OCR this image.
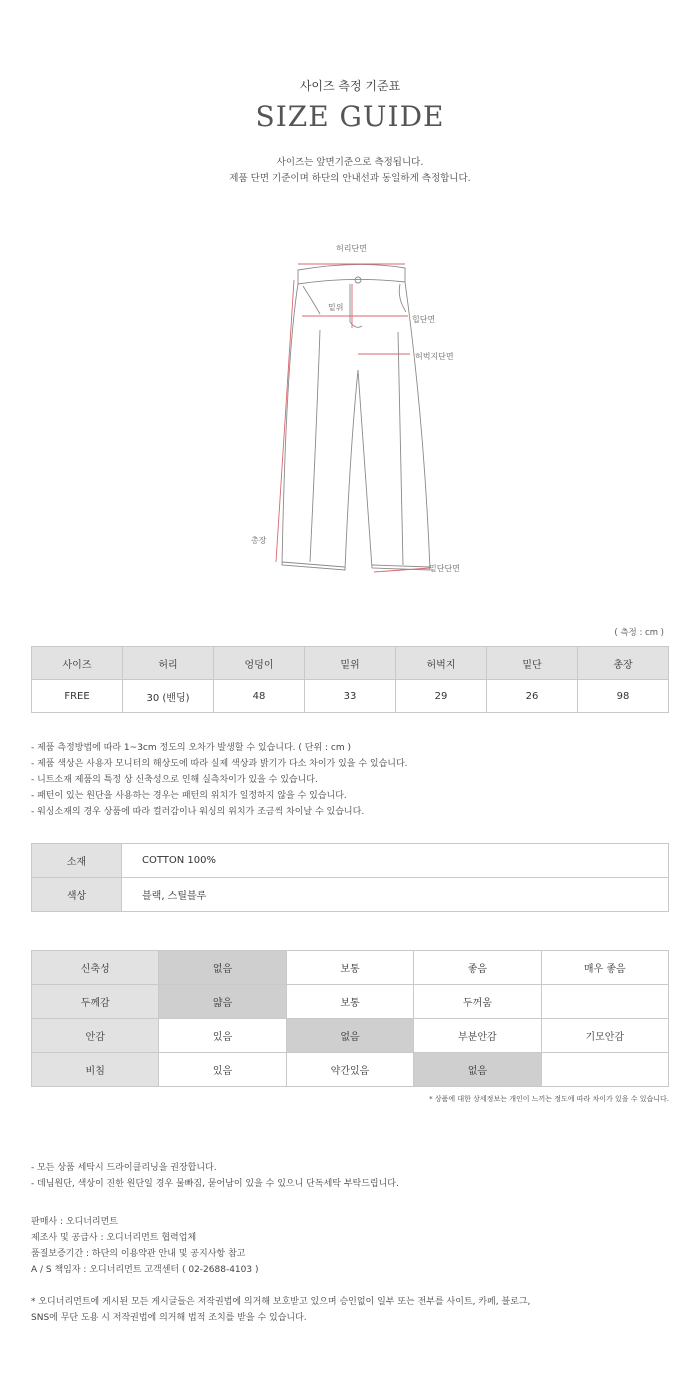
사이즈 측정 기준표
SIZE GUIDE
사이즈는 앞면기준으로 측정됩니다.
제품 단면 기준이며 하단의 안내선과 동일하게 측정합니다.
허리단면
밑위
힙단면
허벅지단면
총장
밑단단면
( 측정 : cm )
사이즈	허리	엉덩이	밑위	허벅지	밑단	총장
FREE	30 (밴딩)	48	33	29	26	98
- 제품 측정방법에 따라 1~3cm 정도의 오차가 발생할 수 있습니다. ( 단위 : cm )
- 제품 색상은 사용자 모니터의 해상도에 따라 실제 색상과 밝기가 다소 차이가 있을 수 있습니다.
- 니트소재 제품의 특정 상 신축성으로 인해 실측차이가 있을 수 있습니다.
- 패턴이 있는 원단을 사용하는 경우는 패턴의 위치가 일정하지 않을 수 있습니다.
- 워싱소재의 경우 상품에 따라 컬러감이나 워싱의 위치가 조금씩 차이날 수 있습니다.
소재	COTTON 100%
색상	블랙, 스틸블루
신축성	없음	보통	좋음	매우 좋음
두께감	얇음	보통	두꺼움	
안감	있음	없음	부분안감	기모안감
비침	있음	약간있음	없음	
* 상품에 대한 상세정보는 개인이 느끼는 정도에 따라 차이가 있을 수 있습니다.
- 모든 상품 세탁시 드라이클리닝을 권장합니다.
- 데님원단, 색상이 진한 원단일 경우 물빠짐, 묻어남이 있을 수 있으니 단독세탁 부탁드립니다.
판매사 : 오디너리먼트
제조사 및 공급사 : 오디너리먼트 협력업체
품질보증기간 : 하단의 이용약관 안내 및 공지사항 참고
A / S 책임자 : 오디너리먼트 고객센터 ( 02-2688-4103 )
* 오디너리먼트에 게시된 모든 게시글들은 저작권법에 의거해 보호받고 있으며 승인없이 일부 또는 전부를 사이트, 카페, 블로그,
SNS에 무단 도용 시 저작권법에 의거해 법적 조치를 받을 수 있습니다.
